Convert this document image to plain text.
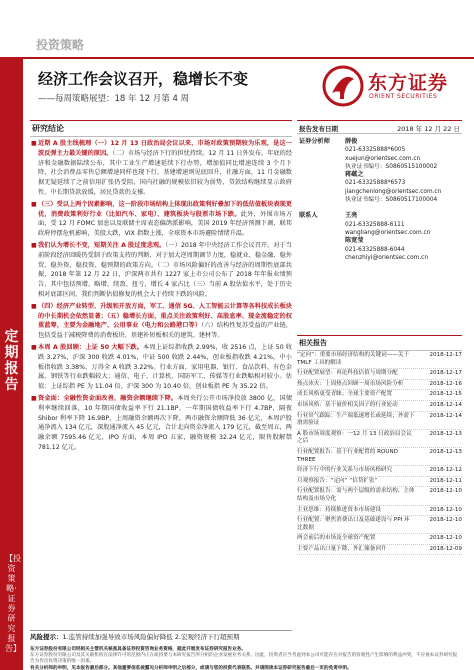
投资策略
定期报告
【投资策略·证券研究报告】
经济工作会议召开，稳增长不变
——每周策略展望：18 年 12 月第 4 周
东方证券
ORIENT SECURITIES
研究结论
■ 近期 A 股主线梳理（一）12 月 13 日政治局会议以来，市场对政策预期较为乐观，是这一波反弹主力最关键的原因。（二）市场与经济下行的担忧持续。12 月 11 日外发布，年底的经济和金融数据陆续公布，其中工业生产增速延续下行办势，增加值同比增速连续 3 个月下降，社会消费品零售总额增速同样也现下行，基建增速则见底回升，社融方面，11 月金融数据无疑延续了之前信用扩张仍受阻，国内社融的规模依旧较为弱势，贷款结构继续显示政府性、中长期贷款放缓，居民贷款仍支撑。
■ （三）受以上两个因素影响，这一阶段市场结构上体现出政策利好叠加下的低估值板块表现更优，消费政策利好行业（比如汽车、家电）、建筑板块与股票市场下跌。此外，外围市场方面，受 12 月 FOMC 加息以及联储主席表态偏鸽派影响，美国 2019 年经济预测下调，联邦政府停摆危机影响，美股大跌，VIX 指数上涨，全球资本市场避险情绪升温。
■ 我们认为增长不变，短期关注 A 股过度悲观。（一）2018 年中央经济工作会议召开。对于当前阶段经济回暖仍受制于政策支持的判断，对于加大逆周期调节力度，稳就业、稳金融、稳外贸、稳外资、稳投资、稳预期的政策方向。（二）市场风险偏好的改善与经济的周期性底部共振，2018 年第 12 月 22 日，沪深两市共有 1227 家上市公司公布了 2018 年年报业绩预告，其中包括预增、略增、续盈、扭亏，增长 4 家占比（三）当前 A 股估值水平，处于历史相对底部区间，我们判断估值修复的机会大于持续下跌的风险。
■ （四）经济产业转型、升级和开放方面，军工、通信 5G、人工智能云计算等各科技成长板块的中长期机会依然显著；（五）稳增长方面，重点关注政策利好、高股息率、现金流稳定的权重蓝筹，主要为金融地产、公用事业（电力和公路港口等）（六）结构性复苏受益的产业链，包括受益于减税降费的消费板块、基建补短板相关的建筑、建材等。
■ 本周 A 股回顾：上证 50 大幅下跌。本周上证综指收跌 2.99%，收 2516 点，上证 50 收跌 3.27%，沪深 300 收跌 4.01%，中证 500 收跌 2.44%，创业板指收跌 4.21%，中小板指收跌 3.38%，万得全 A 收跌 3.22%。行业方面，家用电器、银行、食品饮料、有色金属、钢铁等行业跌幅较大；通信、电子、计算机、国防军工、传媒等行业跌幅相对较小。估值：上证综指 PE 为 11.04 倍，沪深 300 为 10.40 倍，创业板指 PE 为 35.22 倍。
■ 资金面：全融性资金面改善，融资余额继续下降。本周央行公开市场净投放 3800 亿，国债利率继续回落，10 年期国债收益率下行 21.1BP，一年期国债收益率下行 4.7BP，隔夜 Shibor 利率下降 16.9BP，上周融资余额再次下降，两市融资余额降低 36 亿元，本周沪股通净流入 134 亿元，深股通净流入 45 亿元，合计北向资金净流入 179 亿元，截至周五，两融余额 7595.46 亿元，IPO 方面，本周 IPO 五家，融资规模 32.24 亿元，限售股解禁 781.12 亿元。
风险提示：1.监管持续加强导致市场风险偏好降低 2.宏观经济下行超预期
东方证券股份有限公司经相关主管机关核准具备证券投资咨询业务资格，据此开展发布证券研究报告业务。
东方证券股份有限公司及其关联机构在法律许可的范围内正在或将要与本研究报告所分析的企业发展业务关系。因此，投资者应当考虑到本公司可能存在对报告的客观性产生影响的利益冲突，不应视本证券研究报告为作出投资决策的唯一因素。
有关分析师的申明，见本报告最后部分。其他重要信息披露见分析师申明之后部分，或请与您的投资代表联系。并请阅读本证券研究报告最后一页的免责申明。
报告发布日期	2018 年 12 月 22 日
证券分析师 薛俊
021-63325888*6005
xuejun@orientsec.com.cn
执业证书编号：S0860515100002
蒋蕴之
021-63325888*6573
jiangchenlong@orientsec.com.cn
执业证书编号：S0860517100004
联系人	王亮
021-63325888-6111
wangliang@orientsec.com.cn
陈宽莹
021-63325888-6044
chenzhiyi@orientsec.com.cn
相关报告
“定向”：重要市场经济结构的关键词——关于 TMLF 工具的解读
2018-12-17
行业配置展望：再论科技估值与周期分配	2018-12-17
热点冰火：上周热点回顾一周市场风险分析	2018-12-16
成长风格更受青睐；全球主要资产配置	2018-12-15
市场风格：基于量价相关因子的行业轮动	2018-12-14
行业景气跟踪：生产端低速增长或延续；外需下滑需验证
2018-12-14
A 股市场周度观察：一12 月 13 日政治局会议之后
2018-12-13
行业配置报告：基于行业配置的 ROUND THREE
2018-12-13
经济下行中的行业关系与市场风格研究	2018-12-12
月观察报告：“定向” “信贷扩张”	2018-12-11
行业配置报告：需与两个层级的需求结构、主体结构及市场分化
2018-12-10
主业思维：持续推进资本市场建设	2018-12-10
行业配置：聚焦消费出口及基础建设与 PPI 环比数据
2018-12-10
两会前后的市场及全球资产配置	2018-12-10
主要产品出口量下降，外汇储备回升	2018-12-09
